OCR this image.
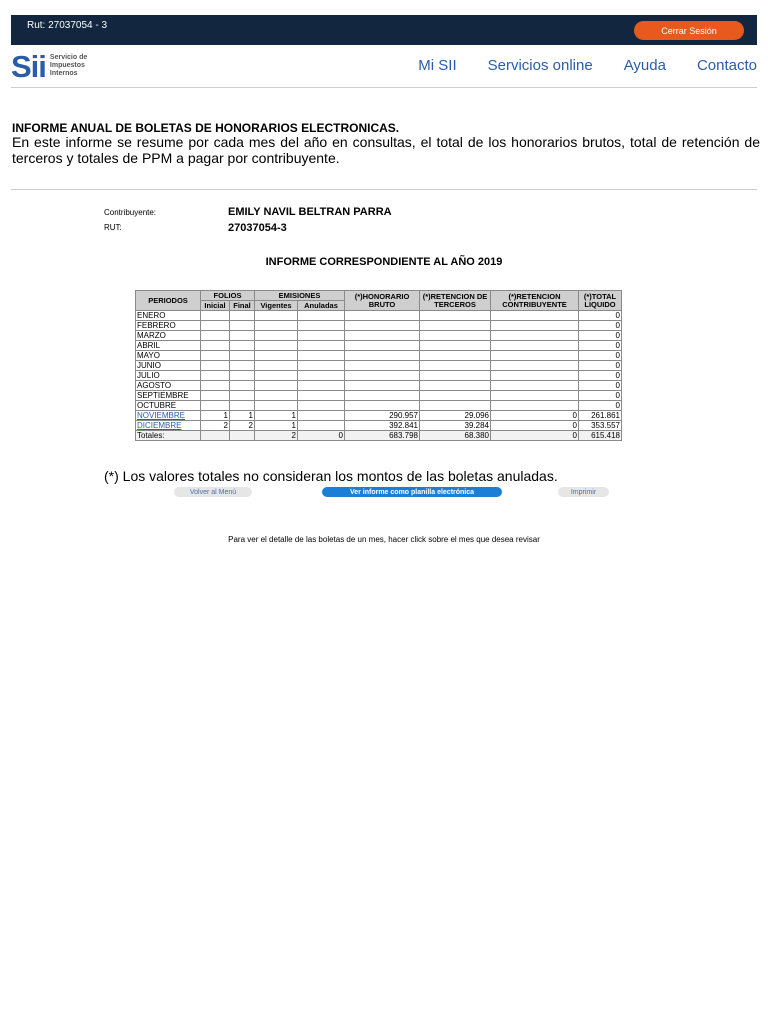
Rut: 27037054 - 3	Cerrar Sesión
Sii Servicio de
Impuestos
Internos	Mi SII Servicios online Ayuda Contacto
INFORME ANUAL DE BOLETAS DE HONORARIOS ELECTRONICAS.
En este informe se resume por cada mes del año en consultas, el total de los honorarios brutos, total de retención de terceros y totales de PPM a pagar por contribuyente.
Contribuyente:	EMILY NAVIL BELTRAN PARRA
RUT:	27037054-3
INFORME CORRESPONDIENTE AL AÑO 2019
PERIODOS	FOLIOS		EMISIONES		(*)HONORARIO BRUTO	(*)RETENCION DE TERCEROS	(*)RETENCION CONTRIBUYENTE	(*)TOTAL LIQUIDO
	Inicial	Final	Vigentes	Anuladas				
ENERO								0
FEBRERO								0
MARZO								0
ABRIL								0
MAYO								0
JUNIO								0
JULIO								0
AGOSTO								0
SEPTIEMBRE								0
OCTUBRE								0
NOVIEMBRE	1	1	1		290.957	29.096	0	261.861
DICIEMBRE	2	2	1		392.841	39.284	0	353.557
Totales:			2	0	683.798	68.380	0	615.418
(*) Los valores totales no consideran los montos de las boletas anuladas.
Volver al Menú	Ver informe como planilla electrónica	Imprimir
Para ver el detalle de las boletas de un mes, hacer click sobre el mes que desea revisar
